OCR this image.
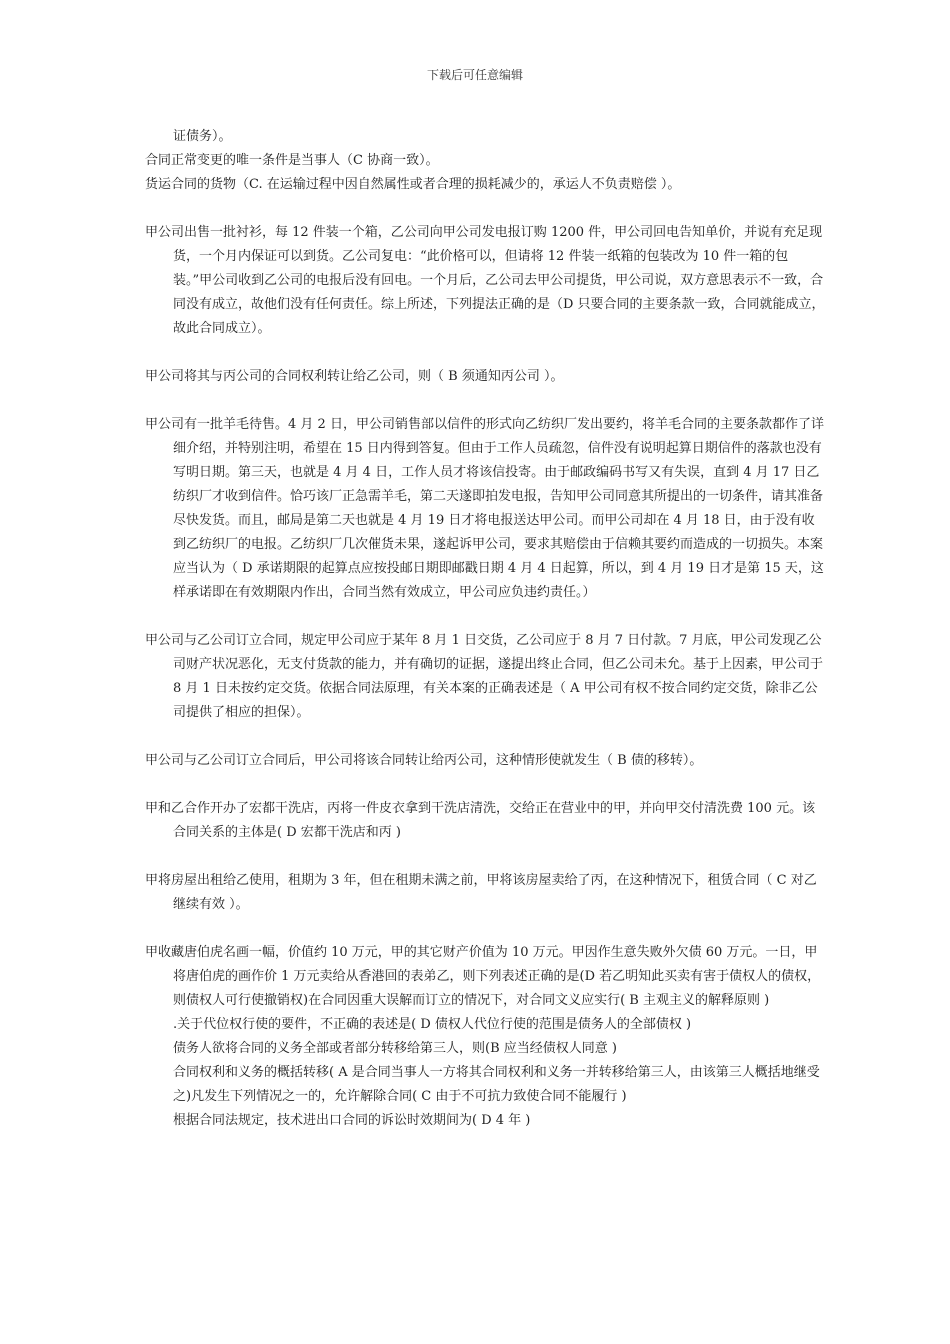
下载后可任意编辑

证债务）。

合同正常变更的唯一条件是当事人（C 协商一致）。

货运合同的货物（C. 在运输过程中因自然属性或者合理的损耗减少的，承运人不负责赔偿 ）。

甲公司出售一批衬衫，每 12 件装一个箱，乙公司向甲公司发电报订购 1200 件，甲公司回电告知单价，并说有充足现货，一个月内保证可以到货。乙公司复电：“此价格可以，但请将 12 件装一纸箱的包装改为 10 件一箱的包装。”甲公司收到乙公司的电报后没有回电。一个月后，乙公司去甲公司提货，甲公司说，双方意思表示不一致，合同没有成立，故他们没有任何责任。综上所述，下列提法正确的是（D 只要合同的主要条款一致，合同就能成立，故此合同成立）。

甲公司将其与丙公司的合同权利转让给乙公司，则（ B 须通知丙公司 ）。

甲公司有一批羊毛待售。4 月 2 日，甲公司销售部以信件的形式向乙纺织厂发出要约，将羊毛合同的主要条款都作了详细介绍，并特别注明，希望在 15 日内得到答复。但由于工作人员疏忽，信件没有说明起算日期信件的落款也没有写明日期。第三天，也就是 4 月 4 日，工作人员才将该信投寄。由于邮政编码书写又有失误，直到 4 月 17 日乙纺织厂才收到信件。恰巧该厂正急需羊毛，第二天遂即拍发电报，告知甲公司同意其所提出的一切条件，请其准备尽快发货。而且，邮局是第二天也就是 4 月 19 日才将电报送达甲公司。而甲公司却在 4 月 18 日，由于没有收到乙纺织厂的电报。乙纺织厂几次催货未果，遂起诉甲公司，要求其赔偿由于信赖其要约而造成的一切损失。本案应当认为（ D 承诺期限的起算点应按投邮日期即邮戳日期 4 月 4 日起算，所以，到 4 月 19 日才是第 15 天，这样承诺即在有效期限内作出，合同当然有效成立，甲公司应负违约责任。）

甲公司与乙公司订立合同，规定甲公司应于某年 8 月 1 日交货，乙公司应于 8 月 7 日付款。7 月底，甲公司发现乙公司财产状况恶化，无支付货款的能力，并有确切的证据，遂提出终止合同，但乙公司未允。基于上因素，甲公司于 8 月 1 日未按约定交货。依据合同法原理，有关本案的正确表述是（ A 甲公司有权不按合同约定交货，除非乙公司提供了相应的担保）。

甲公司与乙公司订立合同后，甲公司将该合同转让给丙公司，这种情形使就发生（ B 债的移转）。

甲和乙合作开办了宏都干洗店，丙将一件皮衣拿到干洗店清洗，交给正在营业中的甲，并向甲交付清洗费 100 元。该合同关系的主体是( D 宏都干洗店和丙 )

甲将房屋出租给乙使用，租期为 3 年，但在租期未满之前，甲将该房屋卖给了丙，在这种情况下，租赁合同（ C 对乙继续有效 ）。

甲收藏唐伯虎名画一幅，价值约 10 万元，甲的其它财产价值为 10 万元。甲因作生意失败外欠债 60 万元。一日，甲将唐伯虎的画作价 1 万元卖给从香港回的表弟乙，则下列表述正确的是(D 若乙明知此买卖有害于债权人的债权，则债权人可行使撤销权)在合同因重大误解而订立的情况下，对合同文义应实行( B 主观主义的解释原则 )

.关于代位权行使的要件，不正确的表述是( D 债权人代位行使的范围是债务人的全部债权 )

债务人欲将合同的义务全部或者部分转移给第三人，则(B 应当经债权人同意 )

合同权利和义务的概括转移( A 是合同当事人一方将其合同权利和义务一并转移给第三人，由该第三人概括地继受之)凡发生下列情况之一的，允许解除合同( C 由于不可抗力致使合同不能履行 )

根据合同法规定，技术进出口合同的诉讼时效期间为( D 4 年 )
